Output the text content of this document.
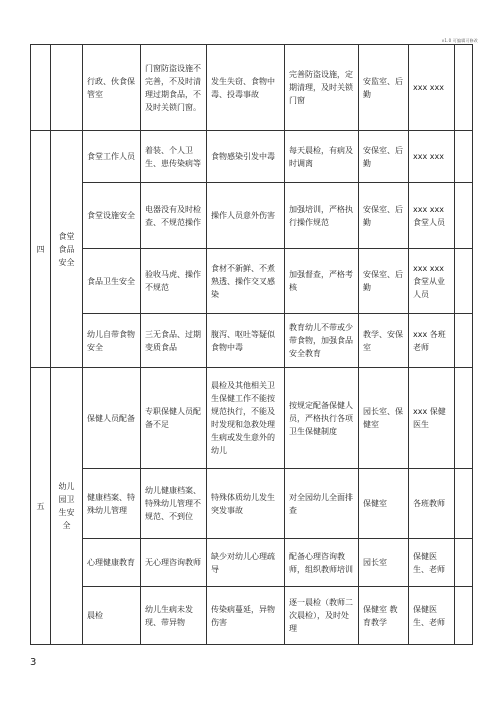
v1.0 可编辑可修改
		行政、伙食保管室	门窗防盗设施不完善，不及时清理过期食品，不及时关锁门窗。	发生失窃、食物中毒、投毒事故	完善防盗设施，定期清理，及时关锁门窗	安监室、后勤	xxx xxx	
四	食堂食品安全	食堂工作人员	着装、个人卫生、患传染病等	食物感染引发中毒	每天晨检，有病及时调离	安保室、后勤	xxx xxx	
		食堂设施安全	电器没有及时检查、不规范操作	操作人员意外伤害	加强培训，严格执行操作规范	安保室、后勤	xxx xxx 食堂人员	
		食品卫生安全	验收马虎、操作不规范	食材不新鲜、不煮熟透、操作交叉感染	加强督查，严格考核	安保室、后勤	xxx xxx 食堂从业人员	
		幼儿自带食物安全	三无食品、过期变质食品	腹泻、呕吐等疑似食物中毒	教育幼儿不带或少带食物，加强食品安全教育	教学、安保室	xxx 各班老师	
五	幼儿园卫生安全	保健人员配备	专职保健人员配备不足	晨检及其他相关卫生保健工作不能按规范执行，不能及时发现和急救处理生病或发生意外的幼儿	按规定配备保健人员，严格执行各项卫生保健制度	园长室、保健室	xxx 保健医生	
		健康档案、特殊幼儿管理	幼儿健康档案、特殊幼儿管理不规范、不到位	特殊体质幼儿发生突发事故	对全园幼儿全面排查	保健室	各班教师	
		心理健康教育	无心理咨询教师	缺少对幼儿心理疏导	配备心理咨询教师，组织教师培训	园长室	保健医生、老师	
		晨检	幼儿生病未发现、带异物	传染病蔓延，异物伤害	逐一晨检（教师二次晨检），及时处理	保健室 教育教学	保健医生、老师	
3
